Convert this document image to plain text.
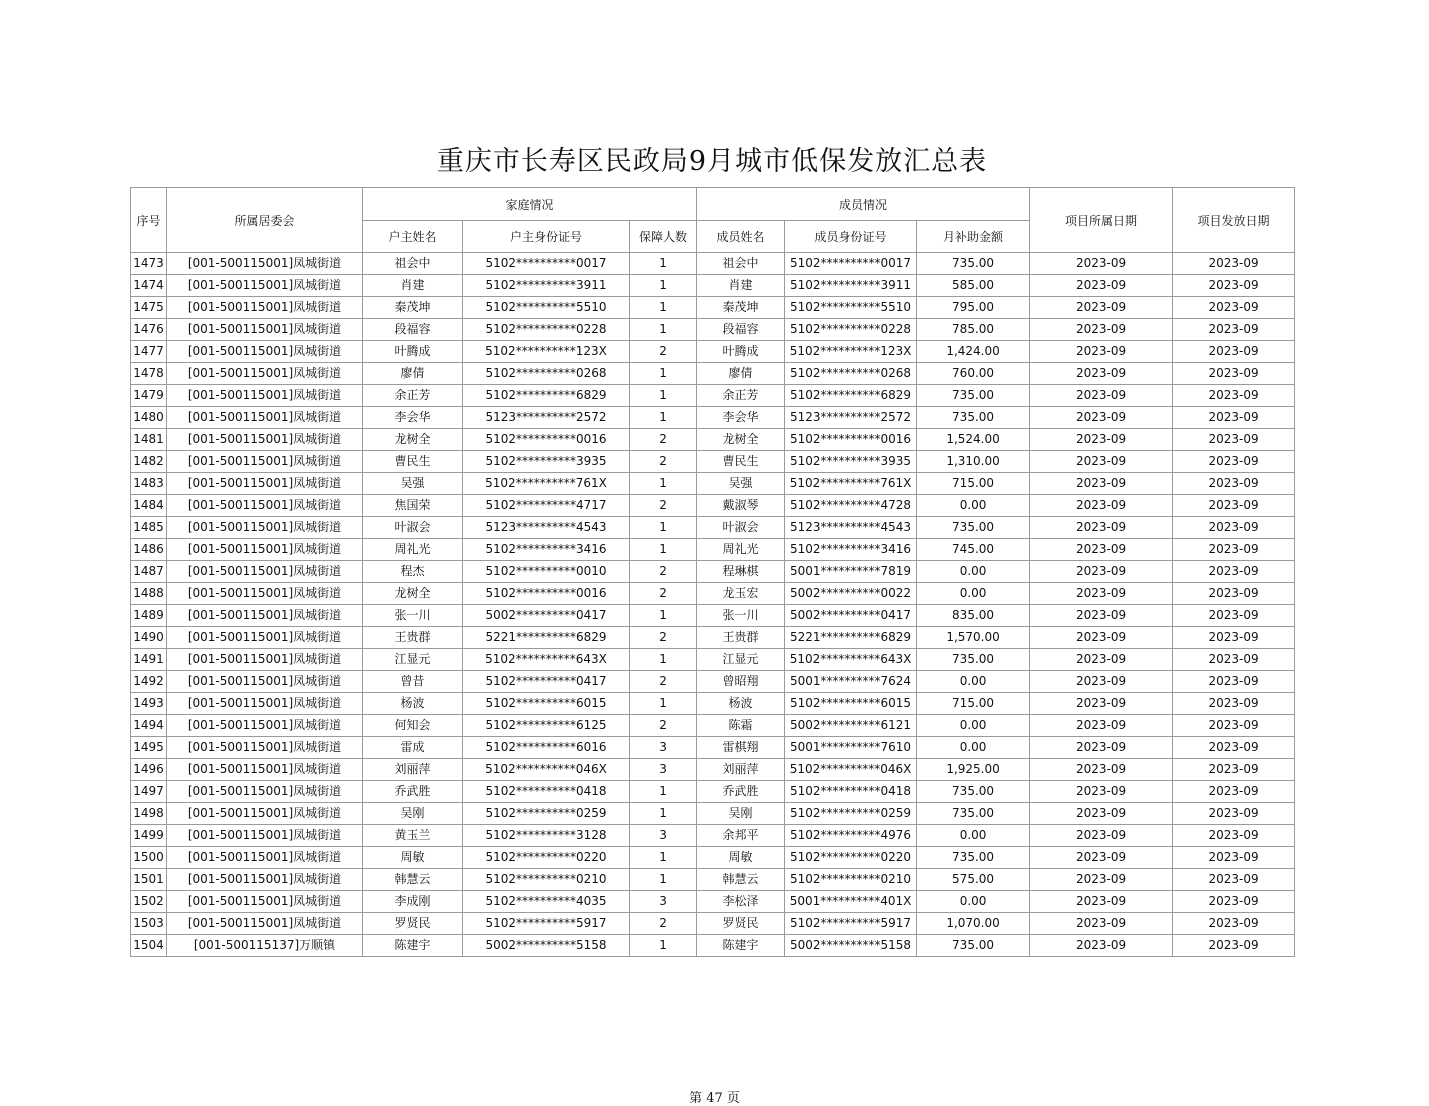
重庆市长寿区民政局9月城市低保发放汇总表
序号	所属居委会	家庭情况			成员情况			项目所属日期	项目发放日期
		户主姓名	户主身份证号	保障人数	成员姓名	成员身份证号	月补助金额		
1473	[001-500115001]凤城街道	祖会中	5102**********0017	1	祖会中	5102**********0017	735.00	2023-09	2023-09
1474	[001-500115001]凤城街道	肖建	5102**********3911	1	肖建	5102**********3911	585.00	2023-09	2023-09
1475	[001-500115001]凤城街道	秦茂坤	5102**********5510	1	秦茂坤	5102**********5510	795.00	2023-09	2023-09
1476	[001-500115001]凤城街道	段福容	5102**********0228	1	段福容	5102**********0228	785.00	2023-09	2023-09
1477	[001-500115001]凤城街道	叶腾成	5102**********123X	2	叶腾成	5102**********123X	1,424.00	2023-09	2023-09
1478	[001-500115001]凤城街道	廖倩	5102**********0268	1	廖倩	5102**********0268	760.00	2023-09	2023-09
1479	[001-500115001]凤城街道	余正芳	5102**********6829	1	余正芳	5102**********6829	735.00	2023-09	2023-09
1480	[001-500115001]凤城街道	李会华	5123**********2572	1	李会华	5123**********2572	735.00	2023-09	2023-09
1481	[001-500115001]凤城街道	龙树全	5102**********0016	2	龙树全	5102**********0016	1,524.00	2023-09	2023-09
1482	[001-500115001]凤城街道	曹民生	5102**********3935	2	曹民生	5102**********3935	1,310.00	2023-09	2023-09
1483	[001-500115001]凤城街道	吴强	5102**********761X	1	吴强	5102**********761X	715.00	2023-09	2023-09
1484	[001-500115001]凤城街道	焦国荣	5102**********4717	2	戴淑琴	5102**********4728	0.00	2023-09	2023-09
1485	[001-500115001]凤城街道	叶淑会	5123**********4543	1	叶淑会	5123**********4543	735.00	2023-09	2023-09
1486	[001-500115001]凤城街道	周礼光	5102**********3416	1	周礼光	5102**********3416	745.00	2023-09	2023-09
1487	[001-500115001]凤城街道	程杰	5102**********0010	2	程琳棋	5001**********7819	0.00	2023-09	2023-09
1488	[001-500115001]凤城街道	龙树全	5102**********0016	2	龙玉宏	5002**********0022	0.00	2023-09	2023-09
1489	[001-500115001]凤城街道	张一川	5002**********0417	1	张一川	5002**********0417	835.00	2023-09	2023-09
1490	[001-500115001]凤城街道	王贵群	5221**********6829	2	王贵群	5221**********6829	1,570.00	2023-09	2023-09
1491	[001-500115001]凤城街道	江显元	5102**********643X	1	江显元	5102**********643X	735.00	2023-09	2023-09
1492	[001-500115001]凤城街道	曾昔	5102**********0417	2	曾昭翔	5001**********7624	0.00	2023-09	2023-09
1493	[001-500115001]凤城街道	杨波	5102**********6015	1	杨波	5102**********6015	715.00	2023-09	2023-09
1494	[001-500115001]凤城街道	何知会	5102**********6125	2	陈霜	5002**********6121	0.00	2023-09	2023-09
1495	[001-500115001]凤城街道	雷成	5102**********6016	3	雷棋翔	5001**********7610	0.00	2023-09	2023-09
1496	[001-500115001]凤城街道	刘丽萍	5102**********046X	3	刘丽萍	5102**********046X	1,925.00	2023-09	2023-09
1497	[001-500115001]凤城街道	乔武胜	5102**********0418	1	乔武胜	5102**********0418	735.00	2023-09	2023-09
1498	[001-500115001]凤城街道	吴刚	5102**********0259	1	吴刚	5102**********0259	735.00	2023-09	2023-09
1499	[001-500115001]凤城街道	黄玉兰	5102**********3128	3	余邦平	5102**********4976	0.00	2023-09	2023-09
1500	[001-500115001]凤城街道	周敏	5102**********0220	1	周敏	5102**********0220	735.00	2023-09	2023-09
1501	[001-500115001]凤城街道	韩慧云	5102**********0210	1	韩慧云	5102**********0210	575.00	2023-09	2023-09
1502	[001-500115001]凤城街道	李成刚	5102**********4035	3	李松泽	5001**********401X	0.00	2023-09	2023-09
1503	[001-500115001]凤城街道	罗贤民	5102**********5917	2	罗贤民	5102**********5917	1,070.00	2023-09	2023-09
1504	[001-500115137]万顺镇	陈建宇	5002**********5158	1	陈建宇	5002**********5158	735.00	2023-09	2023-09
第 47 页
